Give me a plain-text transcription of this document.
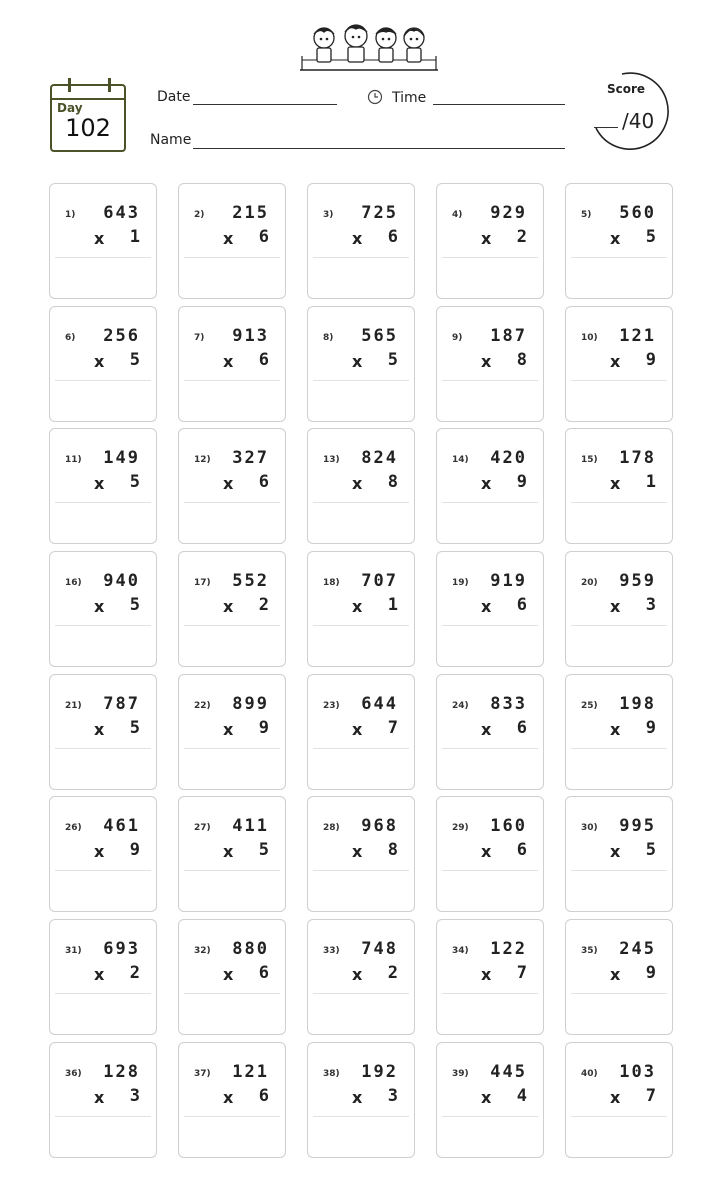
Day
102
Date	Time
Name
Score
/40
1) 643
x 1
2) 215
x 6
3) 725
x 6
4) 929
x 2
5) 560
x 5
6) 256
x 5
7) 913
x 6
8) 565
x 5
9) 187
x 8
10) 121
x 9
11) 149
x 5
12) 327
x 6
13) 824
x 8
14) 420
x 9
15) 178
x 1
16) 940
x 5
17) 552
x 2
18) 707
x 1
19) 919
x 6
20) 959
x 3
21) 787
x 5
22) 899
x 9
23) 644
x 7
24) 833
x 6
25) 198
x 9
26) 461
x 9
27) 411
x 5
28) 968
x 8
29) 160
x 6
30) 995
x 5
31) 693
x 2
32) 880
x 6
33) 748
x 2
34) 122
x 7
35) 245
x 9
36) 128
x 3
37) 121
x 6
38) 192
x 3
39) 445
x 4
40) 103
x 7
